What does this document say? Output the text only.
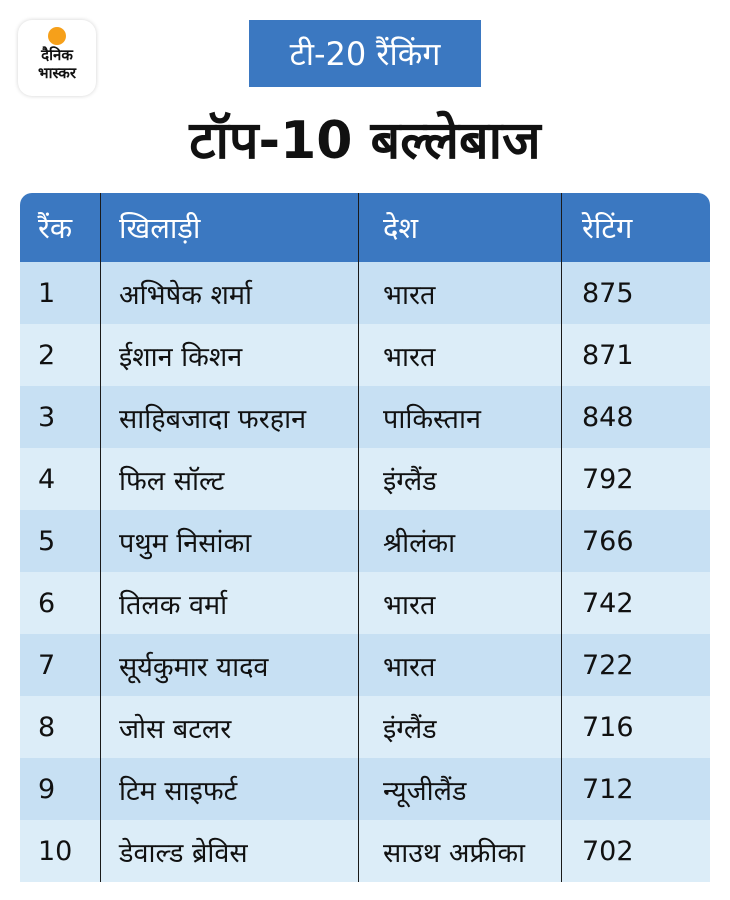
दैनिक
भास्कर	टी-20 रैंकिंग
टॉप-10 बल्लेबाज
रैंक	खिलाड़ी	देश	रेटिंग
1	अभिषेक शर्मा	भारत	875
2	ईशान किशन	भारत	871
3	साहिबजादा फरहान	पाकिस्तान	848
4	फिल सॉल्ट	इंग्लैंड	792
5	पथुम निसांका	श्रीलंका	766
6	तिलक वर्मा	भारत	742
7	सूर्यकुमार यादव	भारत	722
8	जोस बटलर	इंग्लैंड	716
9	टिम साइफर्ट	न्यूजीलैंड	712
10	डेवाल्ड ब्रेविस	साउथ अफ्रीका	702
